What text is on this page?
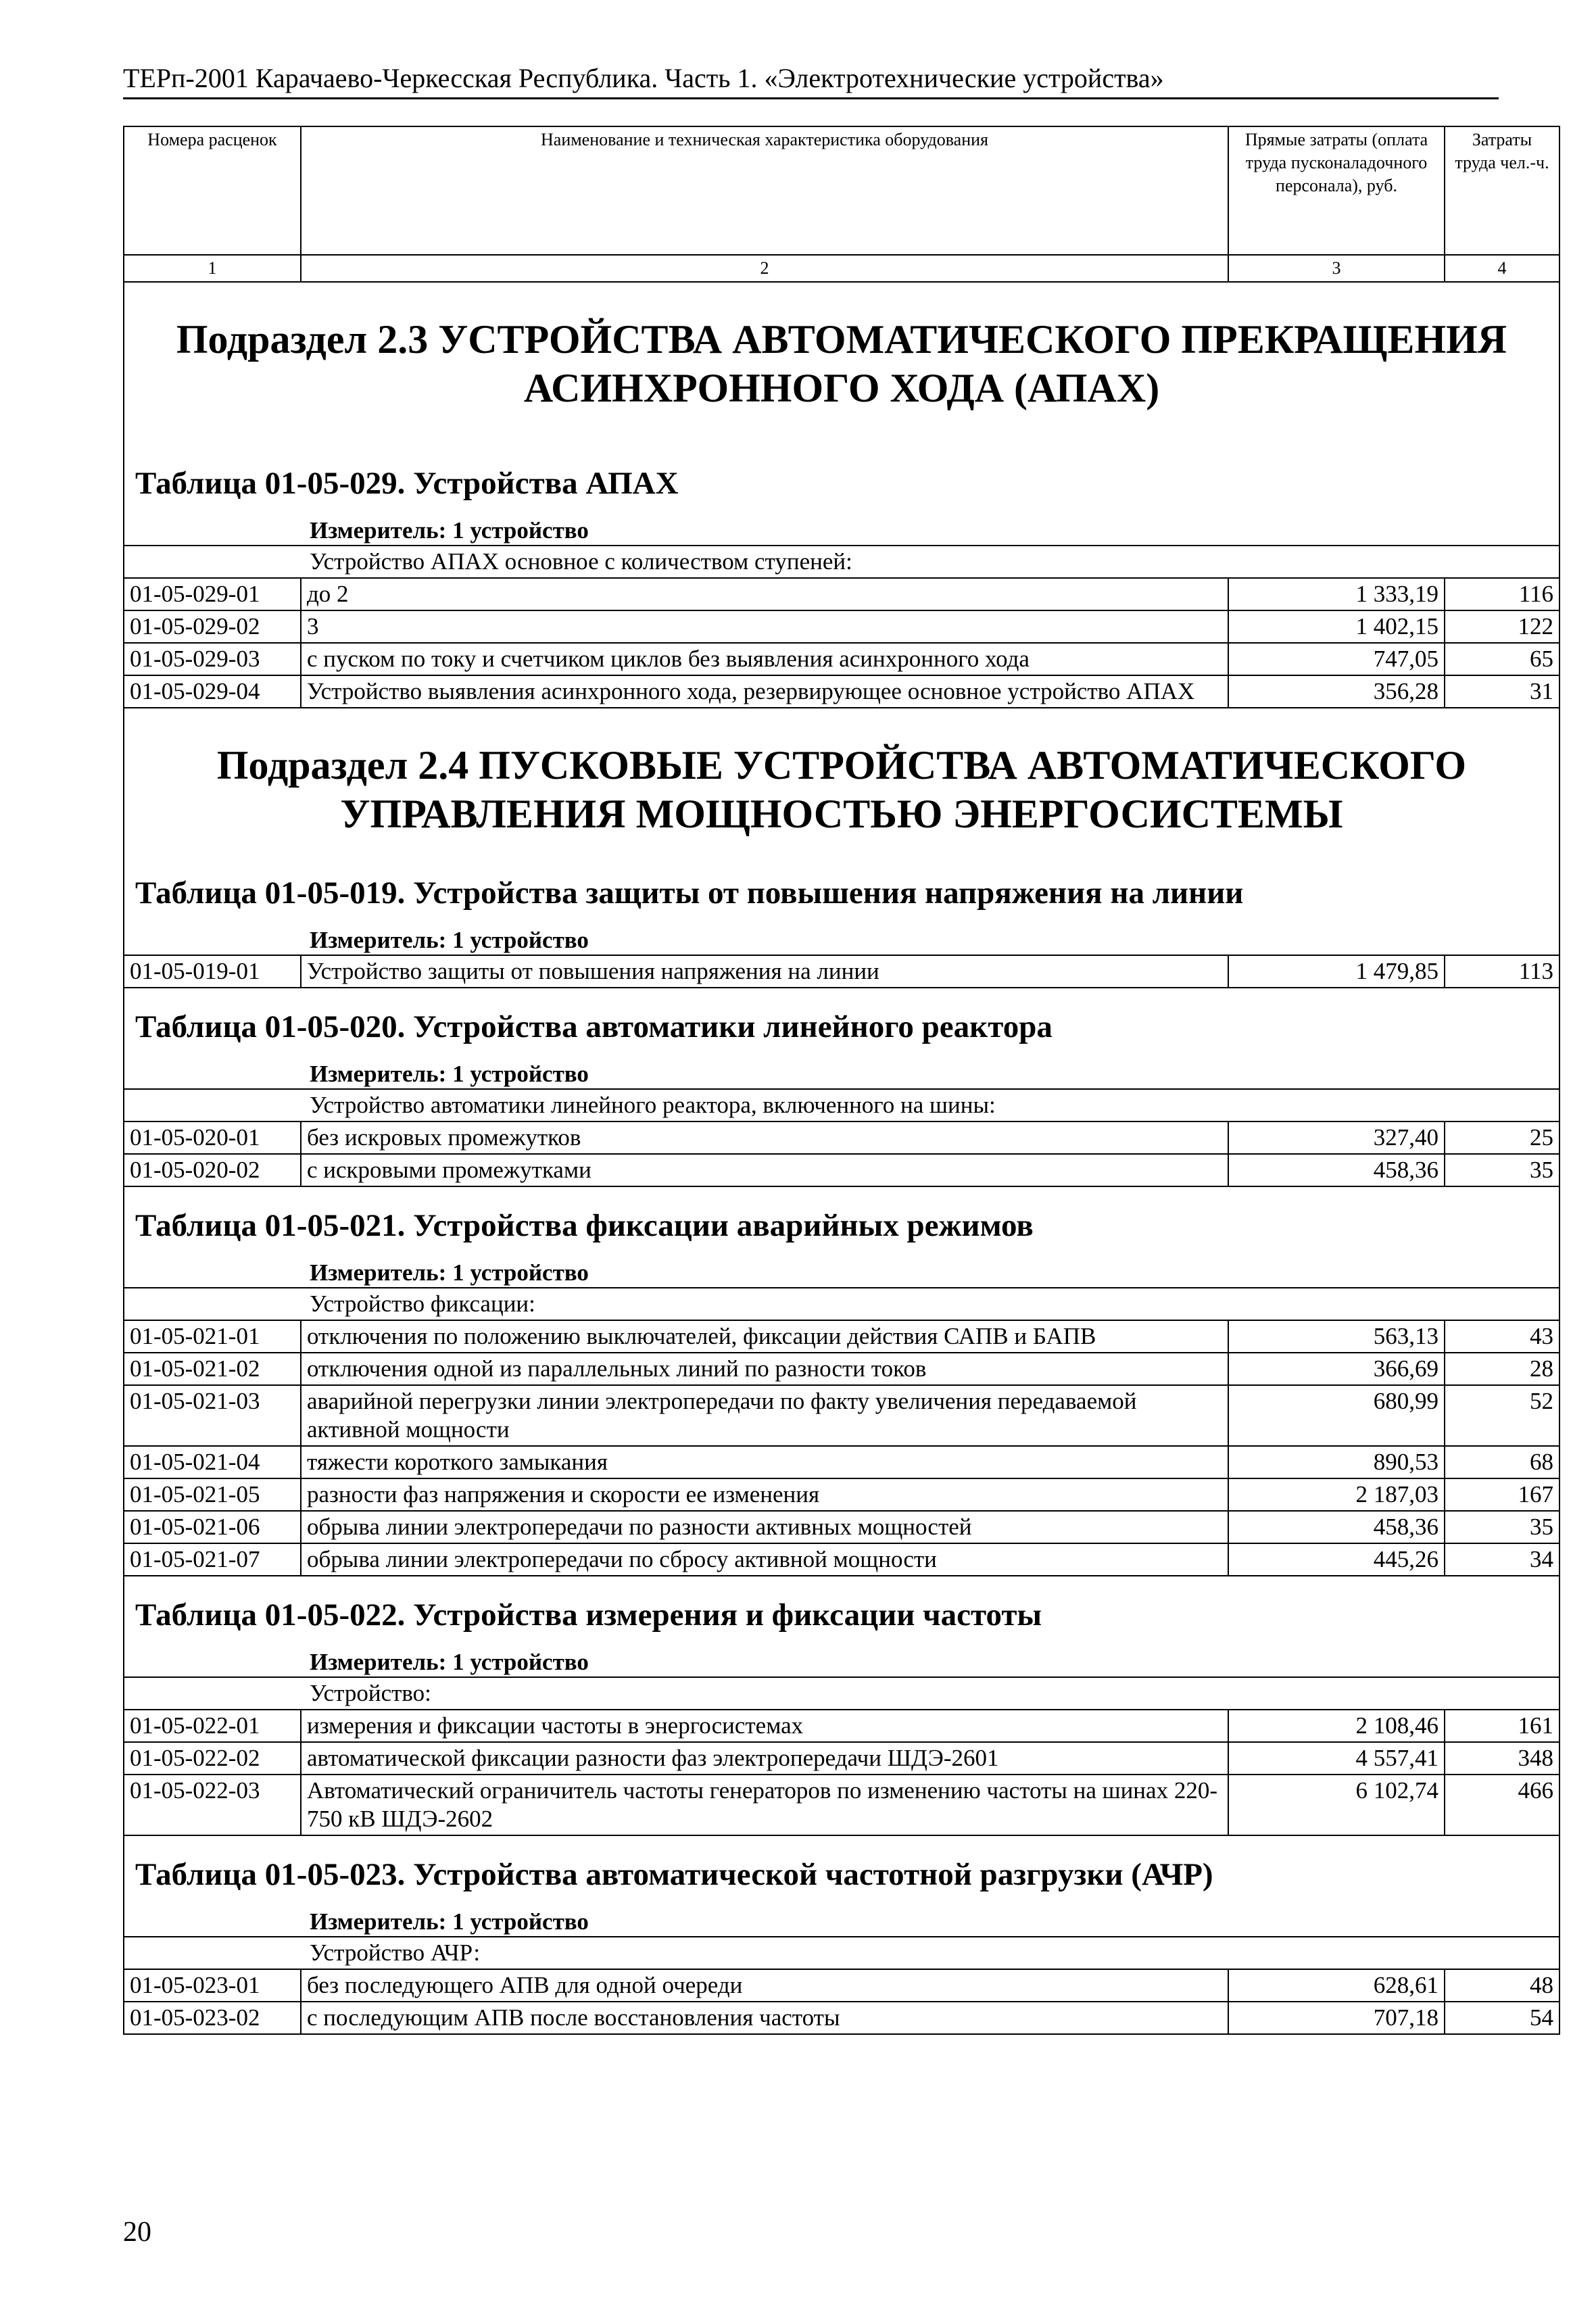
ТЕРп-2001 Карачаево-Черкесская Республика. Часть 1. «Электротехнические устройства»
Номера расценок	Наименование и техническая характеристика оборудования	Прямые затраты (оплата труда пусконаладочного персонала), руб.	Затраты труда чел.-ч.
1	2	3	4
Подраздел 2.3 УСТРОЙСТВА АВТОМАТИЧЕСКОГО ПРЕКРАЩЕНИЯ АСИНХРОННОГО ХОДА (АПАХ)			
Таблица 01-05-029. Устройства АПАХ			
Измеритель: 1 устройство			
Устройство АПАХ основное с количеством ступеней:			
01-05-029-01	до 2	1 333,19	116
01-05-029-02	3	1 402,15	122
01-05-029-03	с пуском по току и счетчиком циклов без выявления асинхронного хода	747,05	65
01-05-029-04	Устройство выявления асинхронного хода, резервирующее основное устройство АПАХ	356,28	31
Подраздел 2.4 ПУСКОВЫЕ УСТРОЙСТВА АВТОМАТИЧЕСКОГО УПРАВЛЕНИЯ МОЩНОСТЬЮ ЭНЕРГОСИСТЕМЫ			
Таблица 01-05-019. Устройства защиты от повышения напряжения на линии			
Измеритель: 1 устройство			
01-05-019-01	Устройство защиты от повышения напряжения на линии	1 479,85	113
Таблица 01-05-020. Устройства автоматики линейного реактора			
Измеритель: 1 устройство			
Устройство автоматики линейного реактора, включенного на шины:			
01-05-020-01	без искровых промежутков	327,40	25
01-05-020-02	с искровыми промежутками	458,36	35
Таблица 01-05-021. Устройства фиксации аварийных режимов			
Измеритель: 1 устройство			
Устройство фиксации:			
01-05-021-01	отключения по положению выключателей, фиксации действия САПВ и БАПВ	563,13	43
01-05-021-02	отключения одной из параллельных линий по разности токов	366,69	28
01-05-021-03	аварийной перегрузки линии электропередачи по факту увеличения передаваемой активной мощности	680,99	52
01-05-021-04	тяжести короткого замыкания	890,53	68
01-05-021-05	разности фаз напряжения и скорости ее изменения	2 187,03	167
01-05-021-06	обрыва линии электропередачи по разности активных мощностей	458,36	35
01-05-021-07	обрыва линии электропередачи по сбросу активной мощности	445,26	34
Таблица 01-05-022. Устройства измерения и фиксации частоты			
Измеритель: 1 устройство			
Устройство:			
01-05-022-01	измерения и фиксации частоты в энергосистемах	2 108,46	161
01-05-022-02	автоматической фиксации разности фаз электропередачи ШДЭ-2601	4 557,41	348
01-05-022-03	Автоматический ограничитель частоты генераторов по изменению частоты на шинах 220-750 кВ ШДЭ-2602	6 102,74	466
Таблица 01-05-023. Устройства автоматической частотной разгрузки (АЧР)			
Измеритель: 1 устройство			
Устройство АЧР:			
01-05-023-01	без последующего АПВ для одной очереди	628,61	48
01-05-023-02	с последующим АПВ после восстановления частоты	707,18	54
20
